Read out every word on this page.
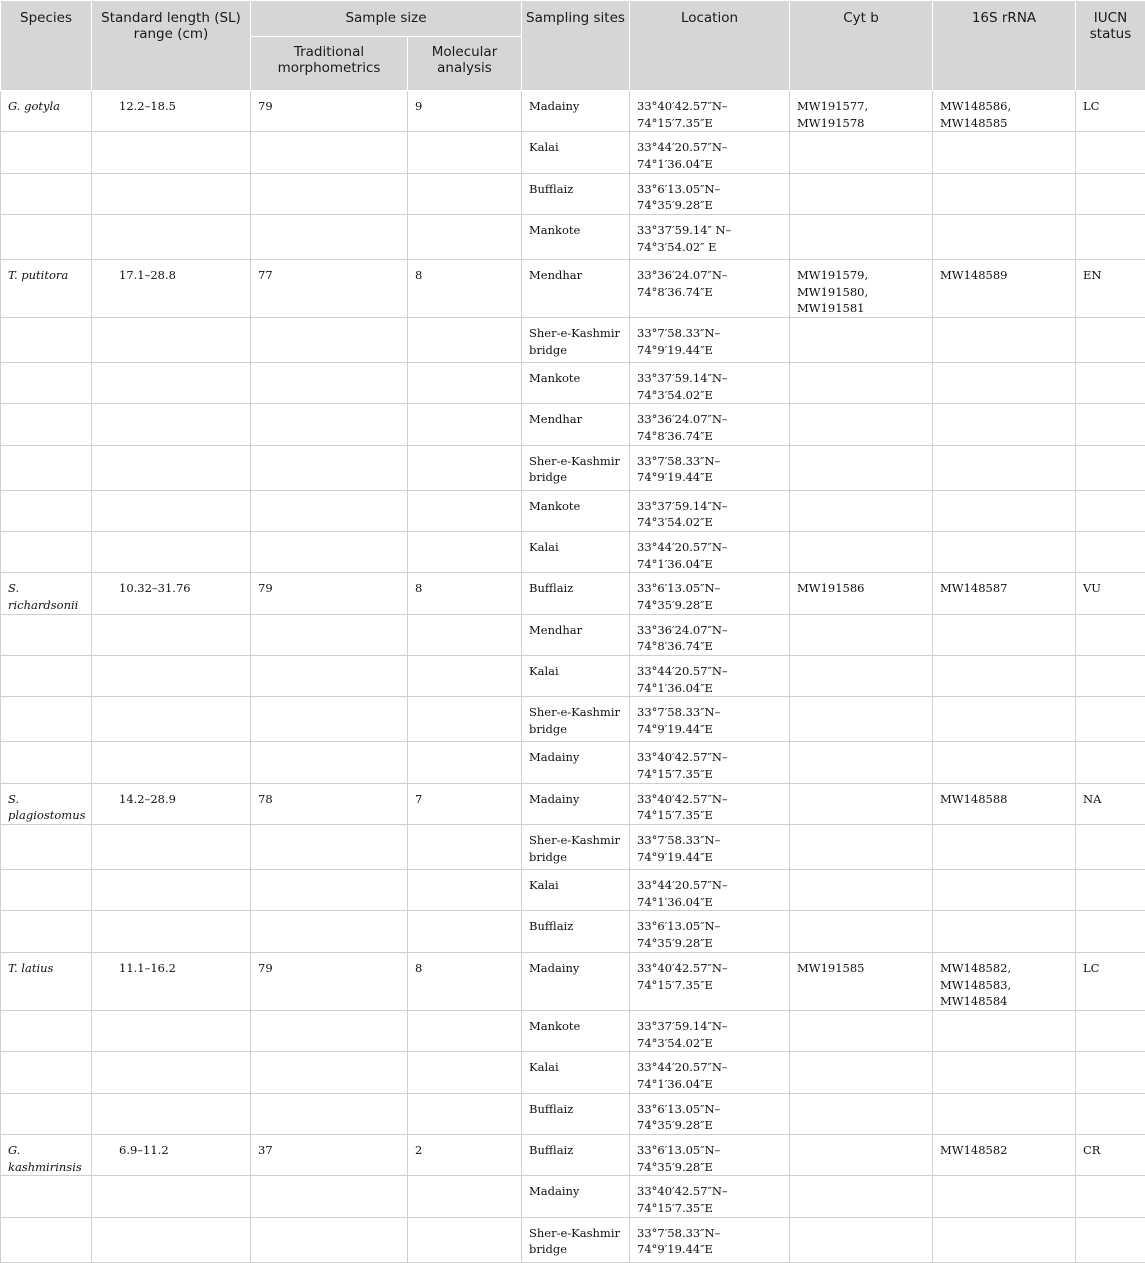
Species	Standard length (SL) range (cm)	Sample size		Sampling sites	Location	Cyt b	16S rRNA	IUCN status
		Traditional morphometrics	Molecular analysis					
G. gotyla	12.2–18.5	79	9	Madainy	33°40′42.57″N–74°15′7.35″E	MW191577, MW191578	MW148586, MW148585	LC
				Kalai	33°44′20.57″N–74°1′36.04″E			
				Bufflaiz	33°6′13.05″N–74°35′9.28″E			
				Mankote	33°37′59.14″ N–74°3′54.02″ E			
T. putitora	17.1–28.8	77	8	Mendhar	33°36′24.07″N–74°8′36.74″E	MW191579, MW191580, MW191581	MW148589	EN
				Sher-e-Kashmir bridge	33°7′58.33″N–74°9′19.44″E			
				Mankote	33°37′59.14″N–74°3′54.02″E			
				Mendhar	33°36′24.07″N–74°8′36.74″E			
				Sher-e-Kashmir bridge	33°7′58.33″N–74°9′19.44″E			
				Mankote	33°37′59.14″N–74°3′54.02″E			
				Kalai	33°44′20.57″N–74°1′36.04″E			
S. richardsonii	10.32–31.76	79	8	Bufflaiz	33°6′13.05″N–74°35′9.28″E	MW191586	MW148587	VU
				Mendhar	33°36′24.07″N–74°8′36.74″E			
				Kalai	33°44′20.57″N–74°1′36.04″E			
				Sher-e-Kashmir bridge	33°7′58.33″N–74°9′19.44″E			
				Madainy	33°40′42.57″N–74°15′7.35″E			
S. plagiostomus	14.2–28.9	78	7	Madainy	33°40′42.57″N–74°15′7.35″E		MW148588	NA
				Sher-e-Kashmir bridge	33°7′58.33″N–74°9′19.44″E			
				Kalai	33°44′20.57″N–74°1′36.04″E			
				Bufflaiz	33°6′13.05″N–74°35′9.28″E			
T. latius	11.1–16.2	79	8	Madainy	33°40′42.57″N–74°15′7.35″E	MW191585	MW148582, MW148583, MW148584	LC
				Mankote	33°37′59.14″N–74°3′54.02″E			
				Kalai	33°44′20.57″N–74°1′36.04″E			
				Bufflaiz	33°6′13.05″N–74°35′9.28″E			
G. kashmirinsis	6.9–11.2	37	2	Bufflaiz	33°6′13.05″N–74°35′9.28″E		MW148582	CR
				Madainy	33°40′42.57″N–74°15′7.35″E			
				Sher-e-Kashmir bridge	33°7′58.33″N–74°9′19.44″E			
